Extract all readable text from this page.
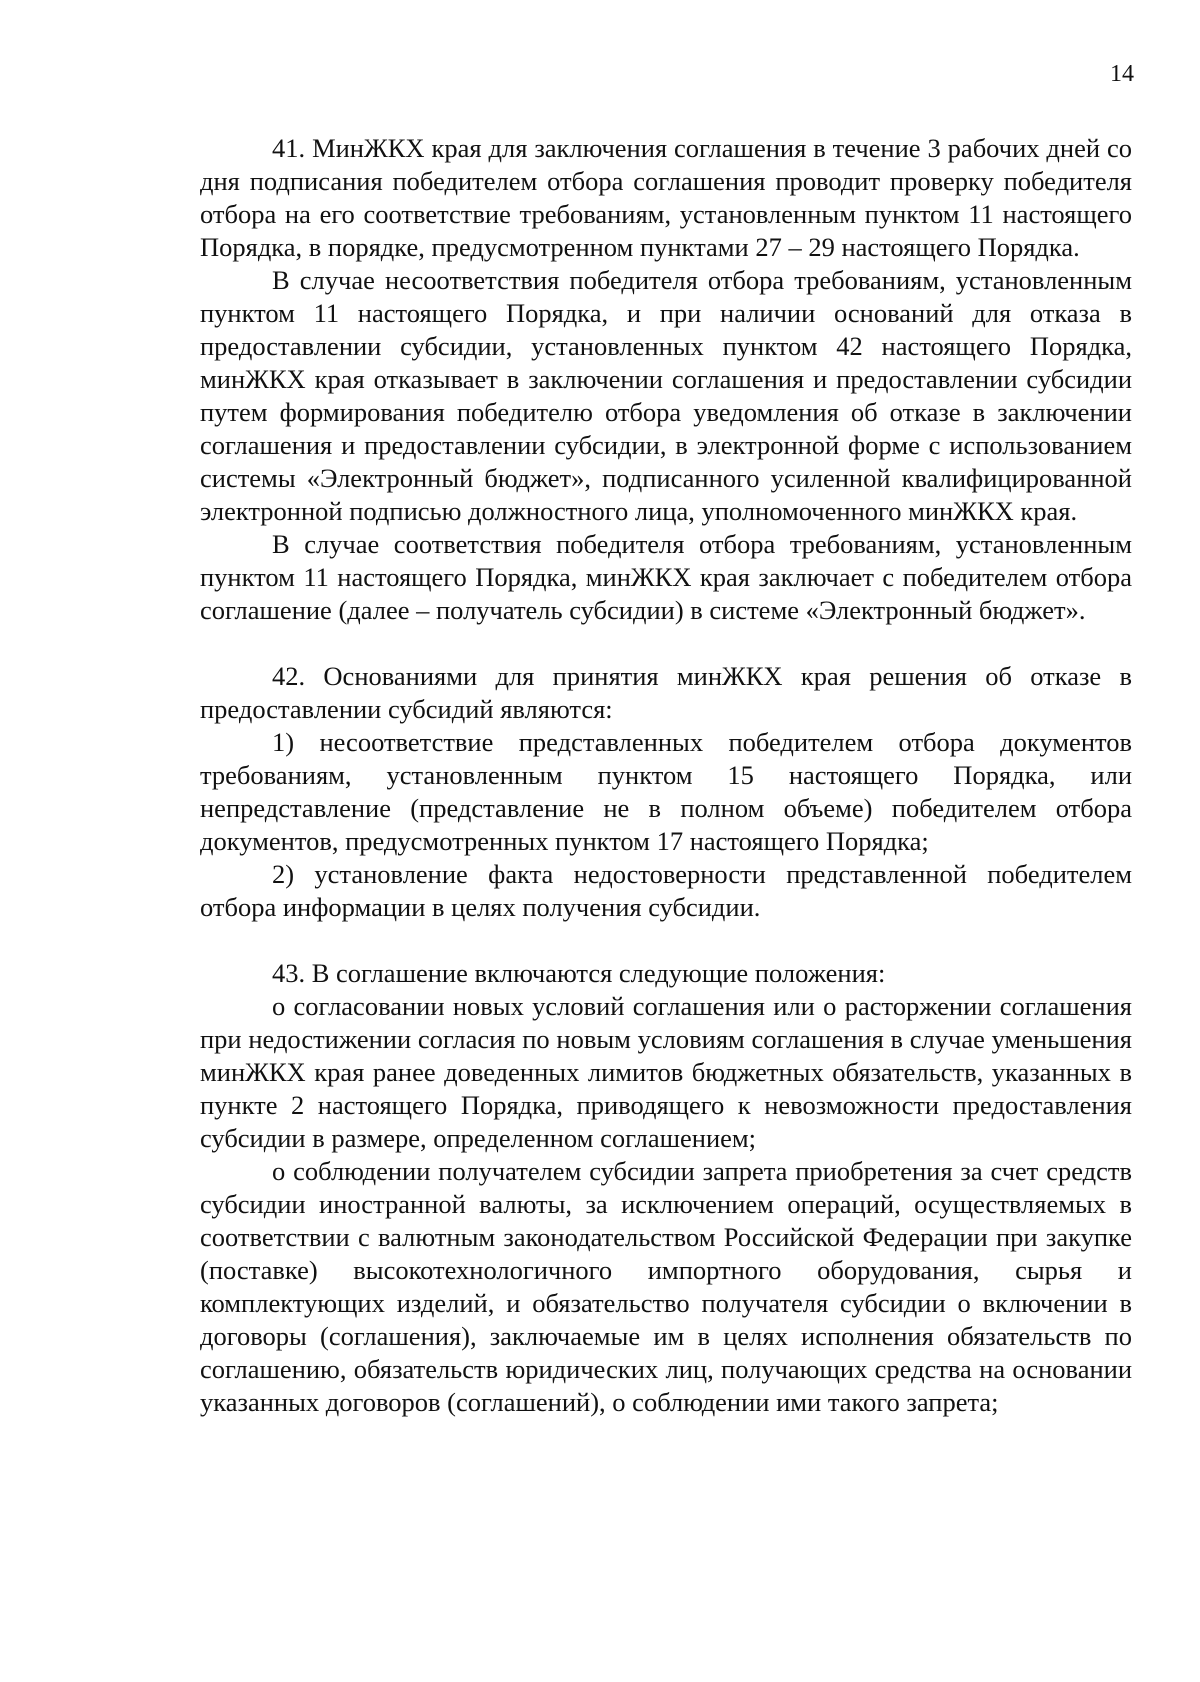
14

41. МинЖКХ края для заключения соглашения в течение 3 рабочих дней со дня подписания победителем отбора соглашения проводит проверку победителя отбора на его соответствие требованиям, установленным пунктом 11 настоящего Порядка, в порядке, предусмотренном пунктами 27 – 29 настоящего Порядка.

В случае несоответствия победителя отбора требованиям, установленным пунктом 11 настоящего Порядка, и при наличии оснований для отказа в предоставлении субсидии, установленных пунктом 42 настоящего Порядка, минЖКХ края отказывает в заключении соглашения и предоставлении субсидии путем формирования победителю отбора уведомления об отказе в заключении соглашения и предоставлении субсидии, в электронной форме с использованием системы «Электронный бюджет», подписанного усиленной квалифицированной электронной подписью должностного лица, уполномоченного минЖКХ края.

В случае соответствия победителя отбора требованиям, установленным пунктом 11 настоящего Порядка, минЖКХ края заключает с победителем отбора соглашение (далее – получатель субсидии) в системе «Электронный бюджет».

42. Основаниями для принятия минЖКХ края решения об отказе в предоставлении субсидий являются:

1) несоответствие представленных победителем отбора документов требованиям, установленным пунктом 15 настоящего Порядка, или непредставление (представление не в полном объеме) победителем отбора документов, предусмотренных пунктом 17 настоящего Порядка;

2) установление факта недостоверности представленной победителем отбора информации в целях получения субсидии.

43. В соглашение включаются следующие положения:

о согласовании новых условий соглашения или о расторжении соглашения при недостижении согласия по новым условиям соглашения в случае уменьшения минЖКХ края ранее доведенных лимитов бюджетных обязательств, указанных в пункте 2 настоящего Порядка, приводящего к невозможности предоставления субсидии в размере, определенном соглашением;

о соблюдении получателем субсидии запрета приобретения за счет средств субсидии иностранной валюты, за исключением операций, осуществляемых в соответствии с валютным законодательством Российской Федерации при закупке (поставке) высокотехнологичного импортного оборудования, сырья и комплектующих изделий, и обязательство получателя субсидии о включении в договоры (соглашения), заключаемые им в целях исполнения обязательств по соглашению, обязательств юридических лиц, получающих средства на основании указанных договоров (соглашений), о соблюдении ими такого запрета;
